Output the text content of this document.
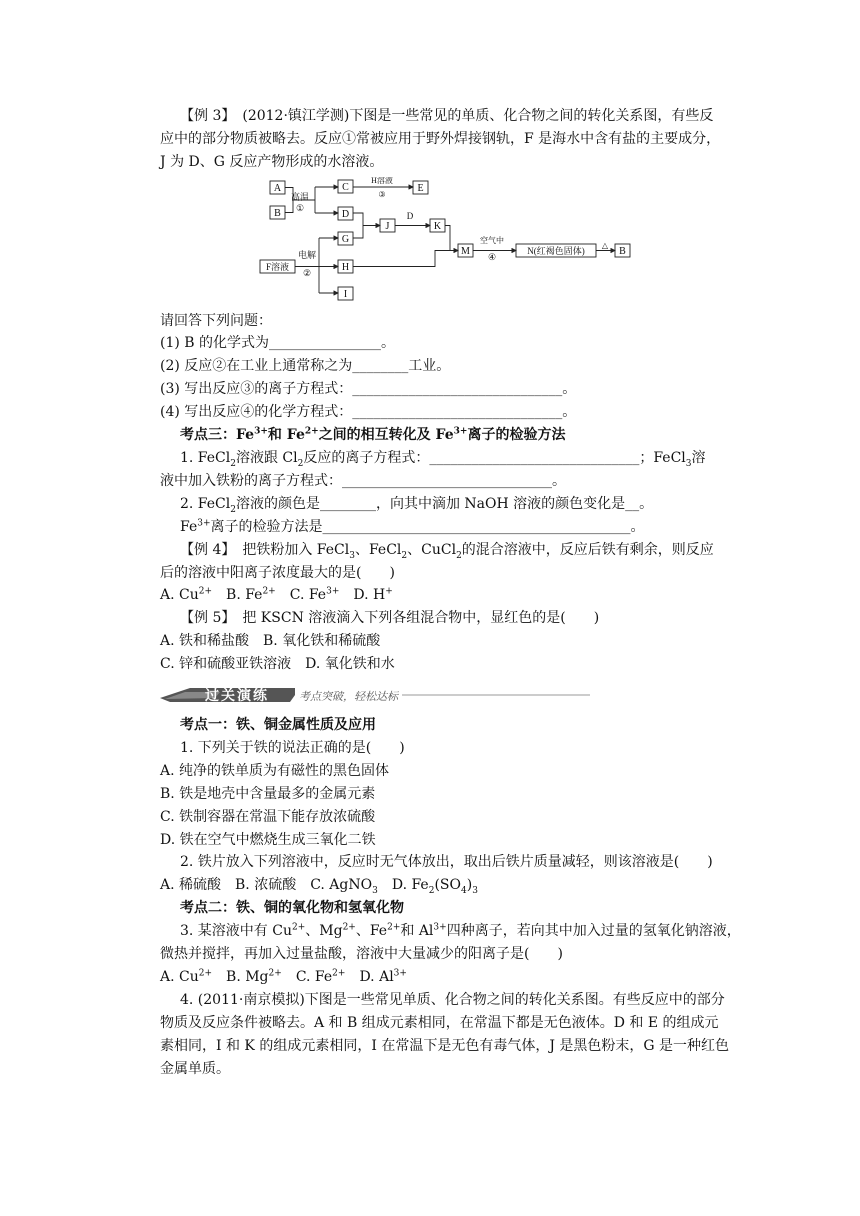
【例 3】　(2012·镇江学测)下图是一些常见的单质、化合物之间的转化关系图，有些反
应中的部分物质被略去。反应①常被应用于野外焊接钢轨，F 是海水中含有盐的主要成分，
J 为 D、G 反应产物形成的水溶液。
A
B
C
D
E
G
J	K
H
I
F溶液
M	N(红褐色固体)	B
高温
①
电解
②
H溶液
③
D
空气中
④
△
请回答下列问题：
(1) B 的化学式为________________。
(2) 反应②在工业上通常称之为________工业。
(3) 写出反应③的离子方程式：______________________________。
(4) 写出反应④的化学方程式：______________________________。
考点三：$Fe^{3+}$和 $Fe^{2+}$之间的相互转化及 $Fe^{3+}$离子的检验方法
1. FeCl$_2$溶液跟 $Cl_2$反应的离子方程式：______________________________；FeCl$_3$溶
液中加入铁粉的离子方程式：______________________________。
2. FeCl$_2$溶液的颜色是________，向其中滴加 NaOH 溶液的颜色变化是__。
$Fe^{3+}$离子的检验方法是____________________________________________。
【例 4】　把铁粉加入 FeCl$_3$、FeCl$_2$、CuCl$_2$的混合溶液中，反应后铁有剩余，则反应
后的溶液中阳离子浓度最大的是(　　)
A. $Cu^{2+}$　 B. $Fe^{2+}$　 C. $Fe^{3+}$　 D. H+
【例 5】　把 KSCN 溶液滴入下列各组混合物中，显红色的是(　　)
A. 铁和稀盐酸　B. 氧化铁和稀硫酸
C. 锌和硫酸亚铁溶液　D. 氧化铁和水
过关演练	考点突破，轻松达标
考点一：铁、铜金属性质及应用
1. 下列关于铁的说法正确的是(　　)
A. 纯净的铁单质为有磁性的黑色固体
B. 铁是地壳中含量最多的金属元素
C. 铁制容器在常温下能存放浓硫酸
D. 铁在空气中燃烧生成三氧化二铁
2. 铁片放入下列溶液中，反应时无气体放出，取出后铁片质量减轻，则该溶液是(　　)
A. 稀硫酸　B. 浓硫酸　C. AgNO$_3$　D. $Fe_2(SO_4)_3$
考点二：铁、铜的氧化物和氢氧化物
3. 某溶液中有 $Cu^{2+}$、$Mg^{2+}$、$Fe^{2+}$和 $Al^{3+}$四种离子，若向其中加入过量的氢氧化钠溶液，
微热并搅拌，再加入过量盐酸，溶液中大量减少的阳离子是(　　)
A. $Cu^{2+}$　 B. $Mg^{2+}$　 C. $Fe^{2+}$　 D. $Al^{3+}$
4. (2011·南京模拟)下图是一些常见单质、化合物之间的转化关系图。有些反应中的部分
物质及反应条件被略去。A 和 B 组成元素相同，在常温下都是无色液体。D 和 E 的组成元
素相同，I 和 K 的组成元素相同，I 在常温下是无色有毒气体，J 是黑色粉末，G 是一种红色
金属单质。
